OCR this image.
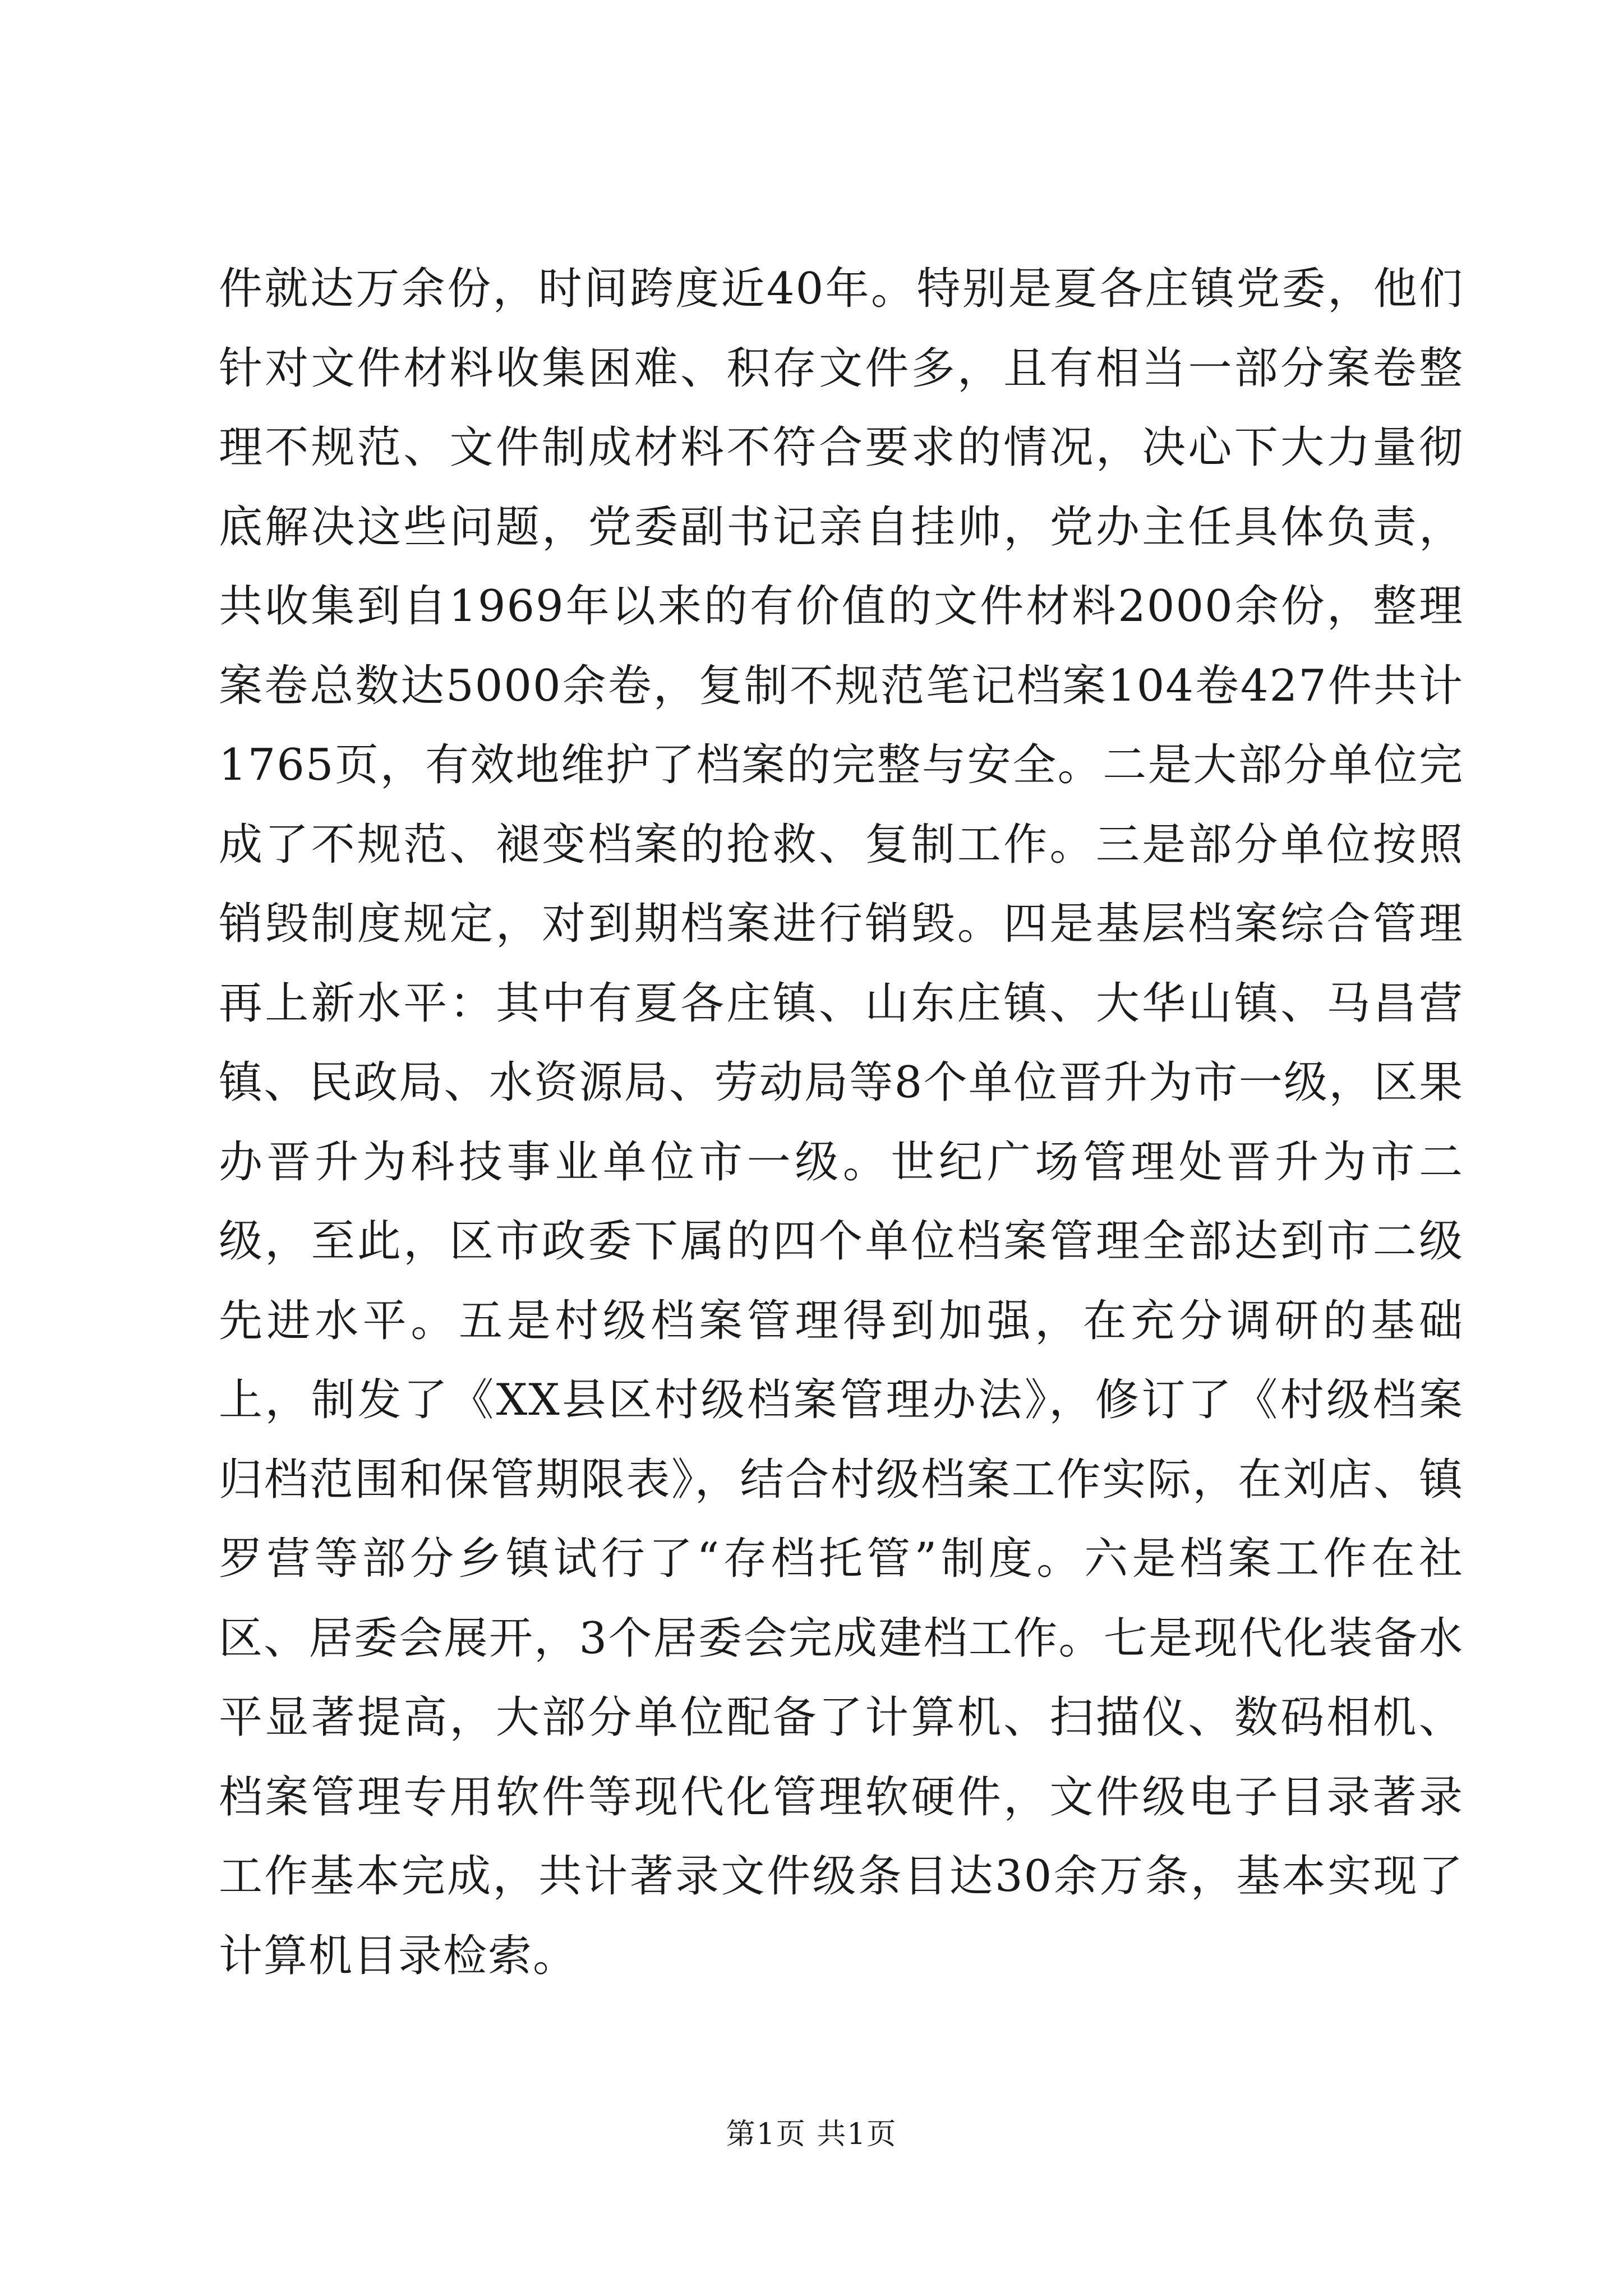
件就达万余份，时间跨度近40年。特别是夏各庄镇党委，他们针对文件材料收集困难、积存文件多，且有相当一部分案卷整理不规范、文件制成材料不符合要求的情况，决心下大力量彻底解决这些问题，党委副书记亲自挂帅，党办主任具体负责，共收集到自1969年以来的有价值的文件材料2000余份，整理案卷总数达5000余卷，复制不规范笔记档案104卷427件共计1765页，有效地维护了档案的完整与安全。二是大部分单位完成了不规范、褪变档案的抢救、复制工作。三是部分单位按照销毁制度规定，对到期档案进行销毁。四是基层档案综合管理再上新水平：其中有夏各庄镇、山东庄镇、大华山镇、马昌营镇、民政局、水资源局、劳动局等8个单位晋升为市一级，区果办晋升为科技事业单位市一级。世纪广场管理处晋升为市二级，至此，区市政委下属的四个单位档案管理全部达到市二级先进水平。五是村级档案管理得到加强，在充分调研的基础上，制发了《XX县区村级档案管理办法》，修订了《村级档案归档范围和保管期限表》，结合村级档案工作实际，在刘店、镇罗营等部分乡镇试行了“存档托管”制度。六是档案工作在社区、居委会展开，3个居委会完成建档工作。七是现代化装备水平显著提高，大部分单位配备了计算机、扫描仪、数码相机、档案管理专用软件等现代化管理软硬件，文件级电子目录著录工作基本完成，共计著录文件级条目达30余万条，基本实现了计算机目录检索。

第1页 共1页
